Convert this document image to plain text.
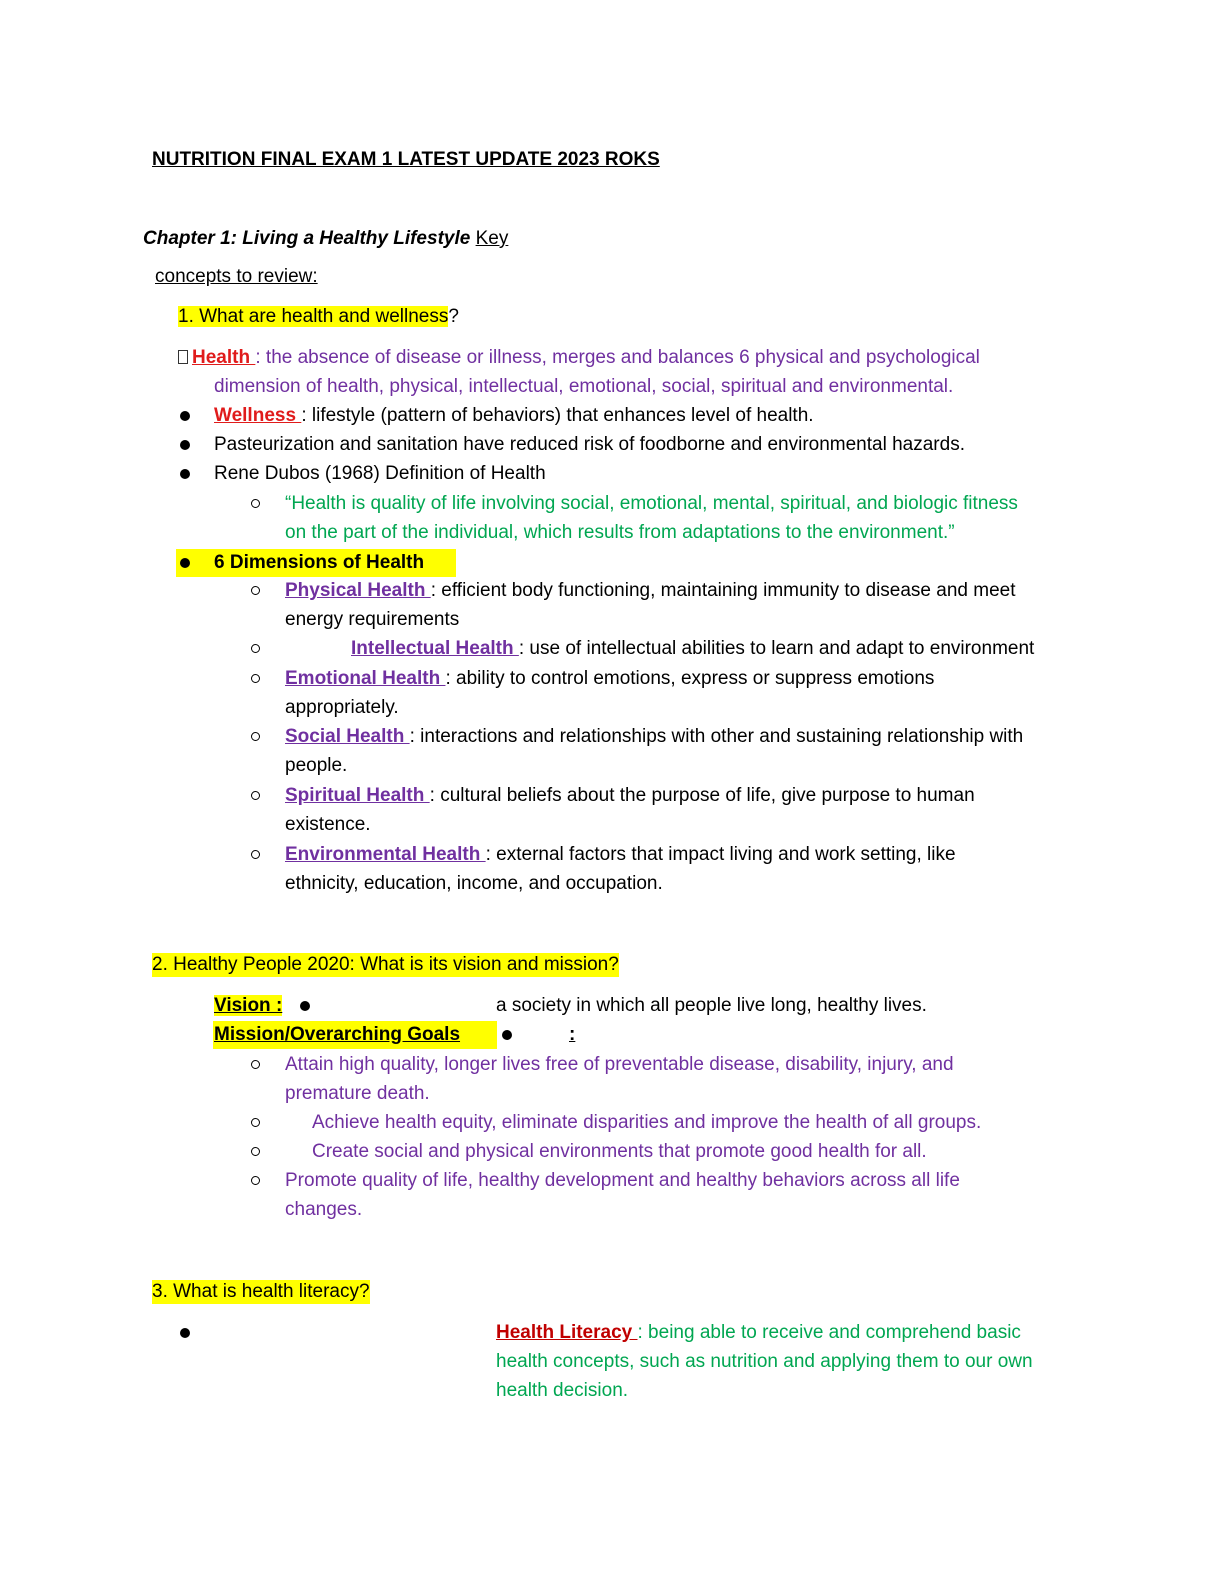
NUTRITION FINAL EXAM 1 LATEST UPDATE 2023 ROKS
Chapter 1: Living a Healthy Lifestyle Key
concepts to review:
1. What are health and wellness?
Health : the absence of disease or illness, merges and balances 6 physical and psychological
dimension of health, physical, intellectual, emotional, social, spiritual and environmental.
Wellness : lifestyle (pattern of behaviors) that enhances level of health.
Pasteurization and sanitation have reduced risk of foodborne and environmental hazards.
Rene Dubos (1968) Definition of Health
“Health is quality of life involving social, emotional, mental, spiritual, and biologic fitness
on the part of the individual, which results from adaptations to the environment.”
6 Dimensions of Health
Physical Health : efficient body functioning, maintaining immunity to disease and meet
energy requirements
Intellectual Health : use of intellectual abilities to learn and adapt to environment
Emotional Health : ability to control emotions, express or suppress emotions
appropriately.
Social Health : interactions and relationships with other and sustaining relationship with
people.
Spiritual Health : cultural beliefs about the purpose of life, give purpose to human
existence.
Environmental Health : external factors that impact living and work setting, like
ethnicity, education, income, and occupation.
2. Healthy People 2020: What is its vision and mission?
Vision :	a society in which all people live long, healthy lives.
Mission/Overarching Goals	:
Attain high quality, longer lives free of preventable disease, disability, injury, and
premature death.
Achieve health equity, eliminate disparities and improve the health of all groups.
Create social and physical environments that promote good health for all.
Promote quality of life, healthy development and healthy behaviors across all life
changes.
3. What is health literacy?
Health Literacy : being able to receive and comprehend basic
health concepts, such as nutrition and applying them to our own
health decision.
